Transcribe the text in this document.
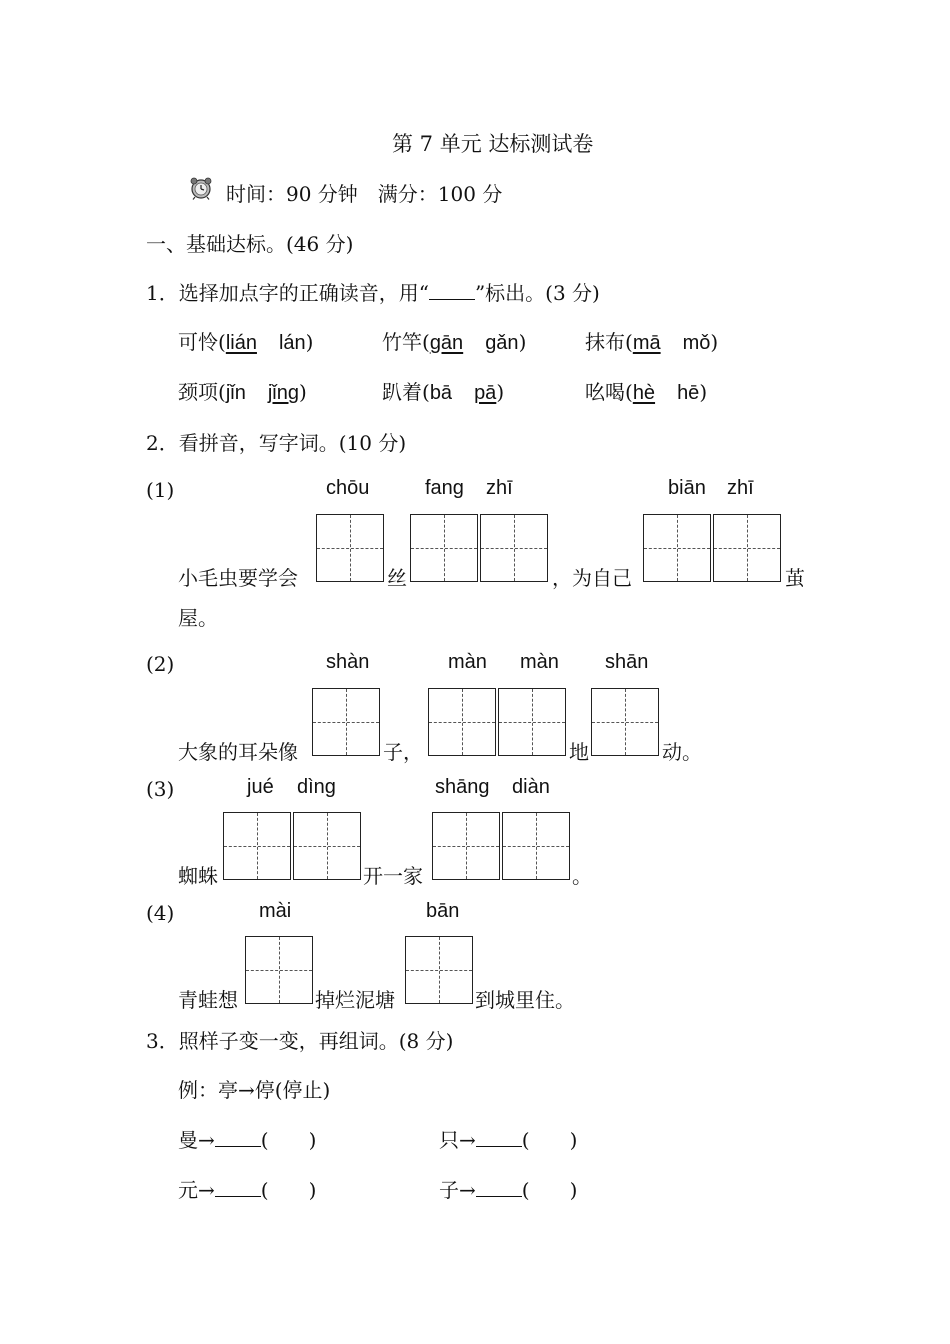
第 7 单元 达标测试卷
时间：90 分钟　满分：100 分
一、基础达标。(46 分)
1．选择加点字的正确读音，用“ ”标出。(3 分)
可怜(lián lán)	竹竿(gān gǎn)	抹布(mā mǒ)
颈项(jǐn jǐng)	趴着(bā pā)	吆喝(hè hē)
2．看拼音，写字词。(10 分)
(1)	chōu	fang zhī	biān zhī
小毛虫要学会	丝	，为自己	茧
屋。
(2)	shàn	màn màn shān
大象的耳朵像	子，	地	动。
(3)	jué dìng	shāng diàn
蜘蛛	开一家	。
(4)	mài	bān
青蛙想	掉烂泥塘	到城里住。
3．照样子变一变，再组词。(8 分)
例：亭→停(停止)
曼→ (　　)	只→ (　　)
元→ (　　)	子→ (　　)
